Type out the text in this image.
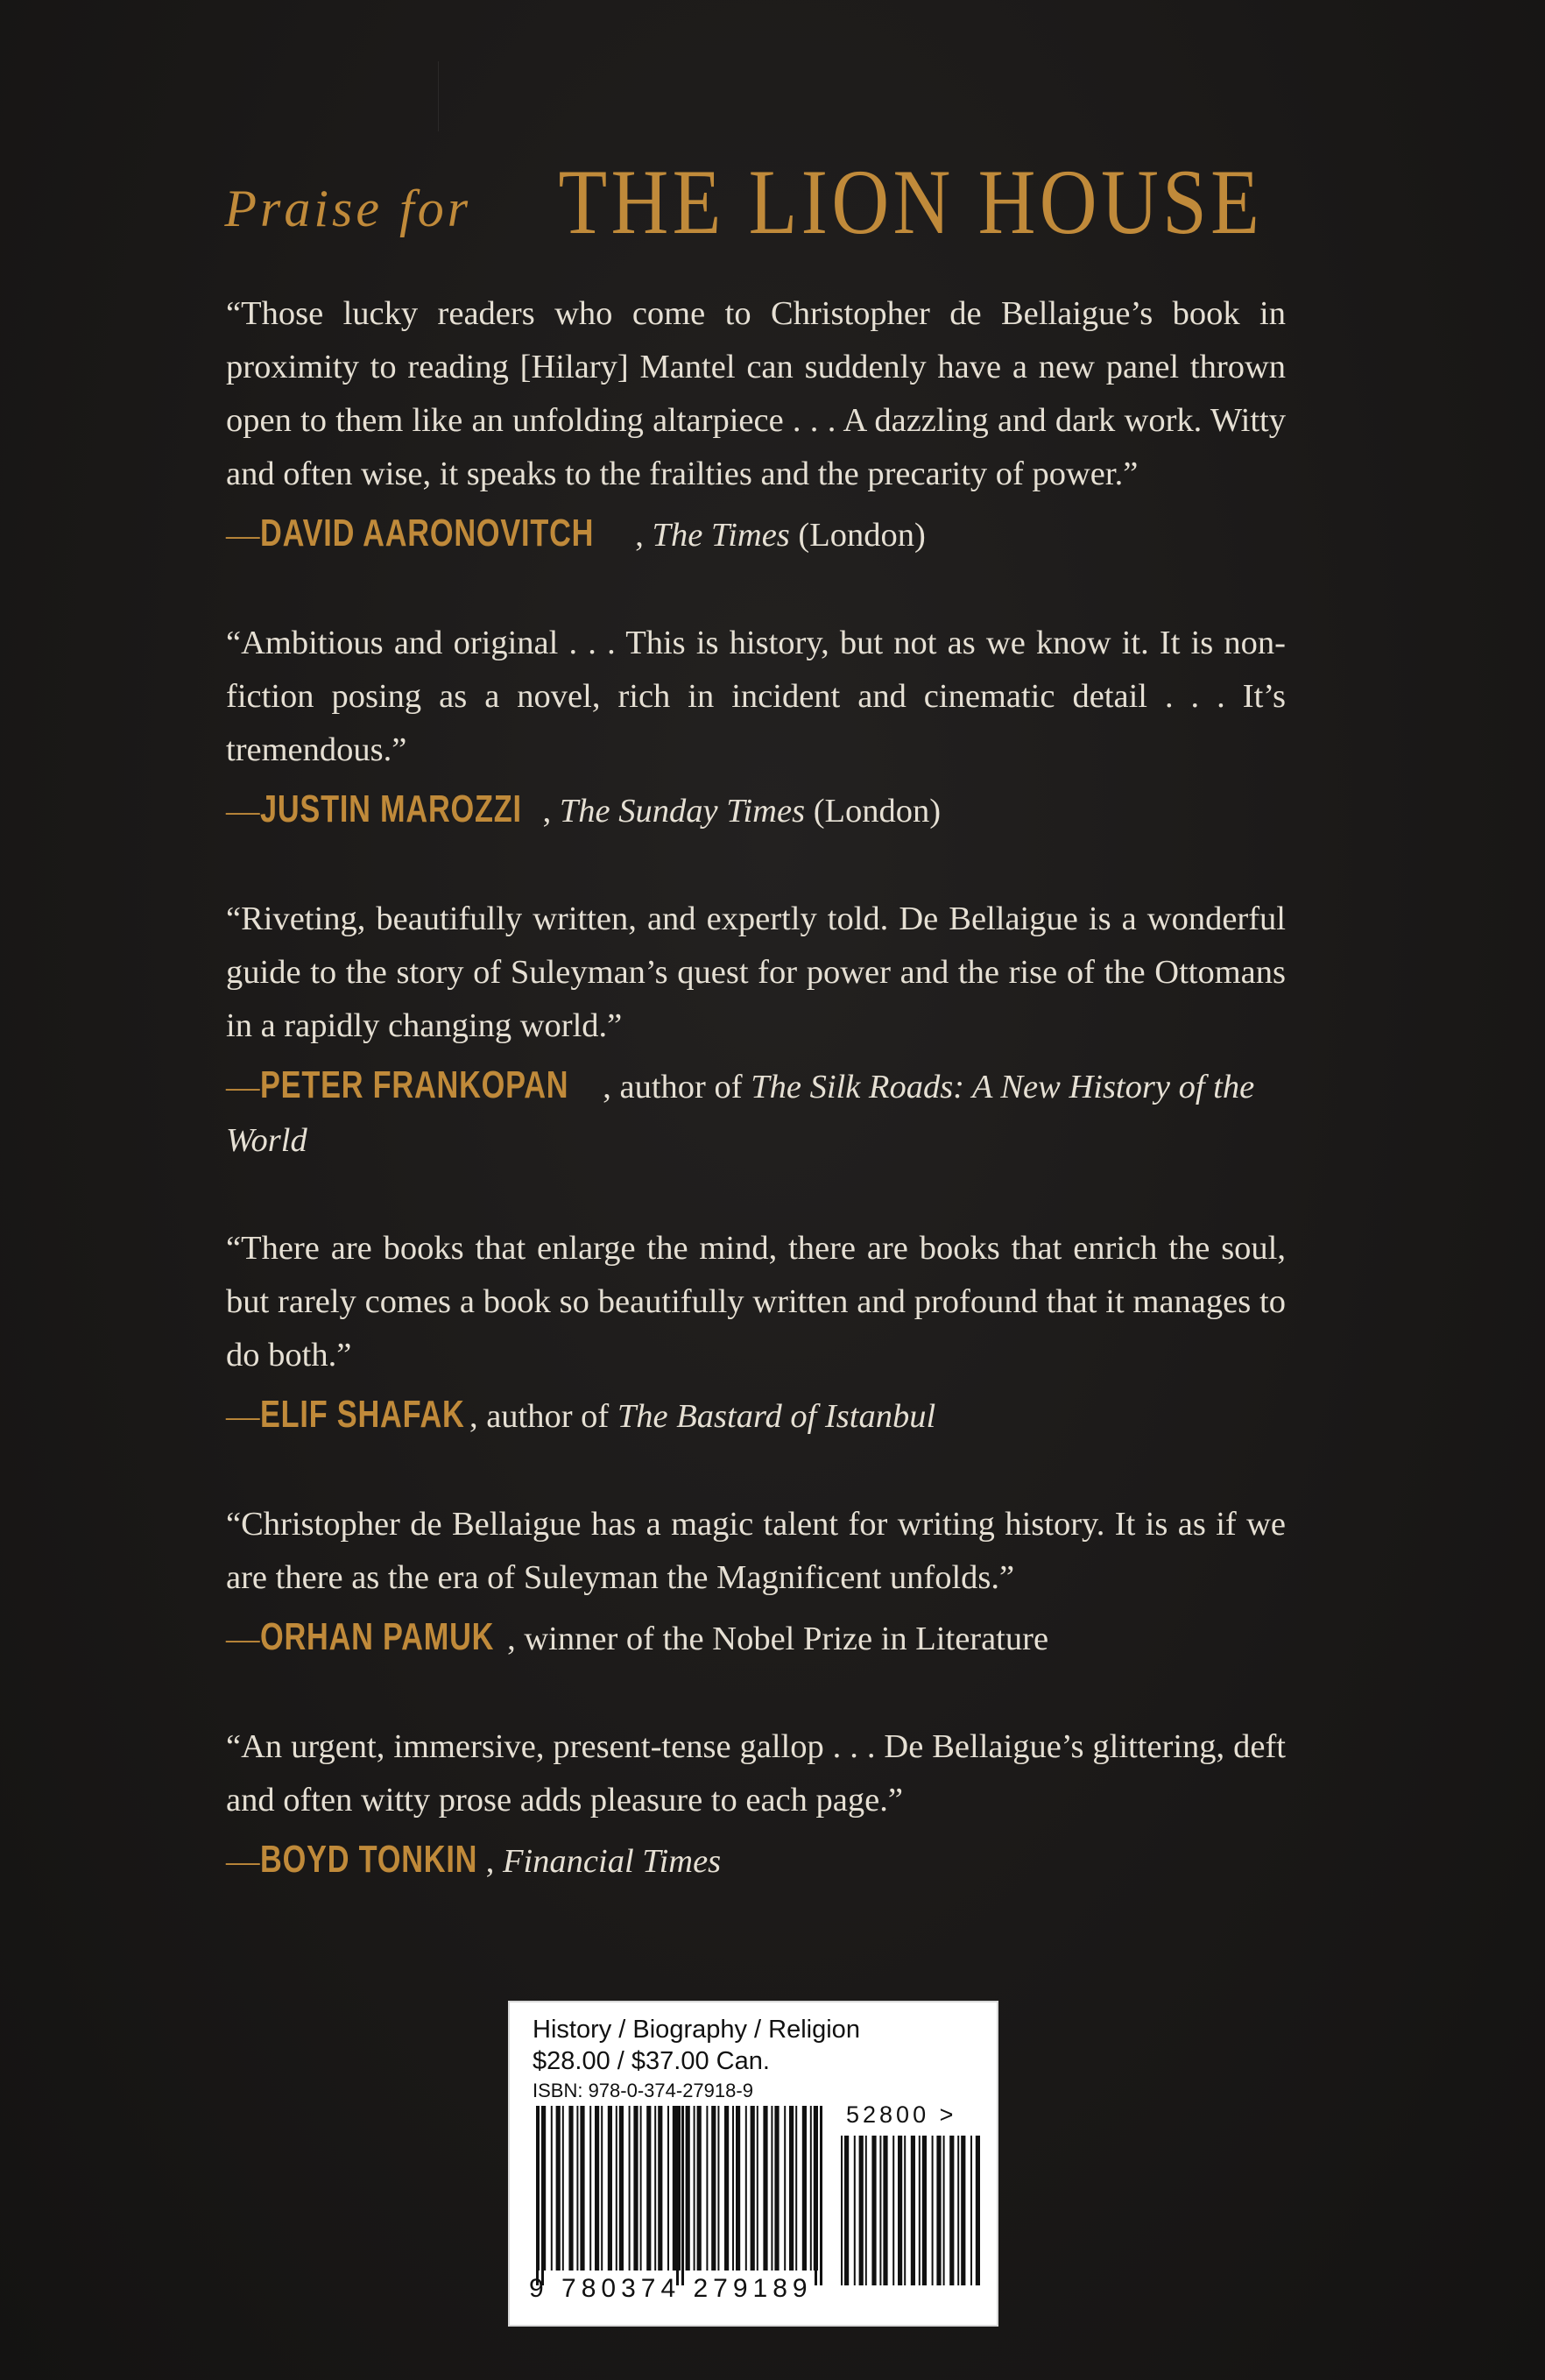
Praise for THE LION HOUSE

“Those lucky readers who come to Christopher de Bellaigue’s book in proximity to reading [Hilary] Mantel can suddenly have a new panel thrown open to them like an unfolding altarpiece . . . A dazzling and dark work. Witty and often wise, it speaks to the frailties and the precarity of power.”

—DAVID AARONOVITCH , The Times (London)

“Ambitious and original . . . This is history, but not as we know it. It is non-fiction posing as a novel, rich in incident and cinematic detail . . . It’s tremendous.”

—JUSTIN MAROZZI , The Sunday Times (London)

“Riveting, beautifully written, and expertly told. De Bellaigue is a wonderful guide to the story of Suleyman’s quest for power and the rise of the Ottomans in a rapidly changing world.”

—PETER FRANKOPAN , author of The Silk Roads: A New History of the World

“There are books that enlarge the mind, there are books that enrich the soul, but rarely comes a book so beautifully written and profound that it manages to do both.”

—ELIF SHAFAK , author of The Bastard of Istanbul

“Christopher de Bellaigue has a magic talent for writing history. It is as if we are there as the era of Suleyman the Magnificent unfolds.”

—ORHAN PAMUK , winner of the Nobel Prize in Literature

“An urgent, immersive, present-tense gallop . . . De Bellaigue’s glittering, deft and often witty prose adds pleasure to each page.”

—BOYD TONKIN , Financial Times
History / Biography / Religion
$28.00 / $37.00 Can.
ISBN: 978-0-374-27918-9
52800 >
9 780374 279189
